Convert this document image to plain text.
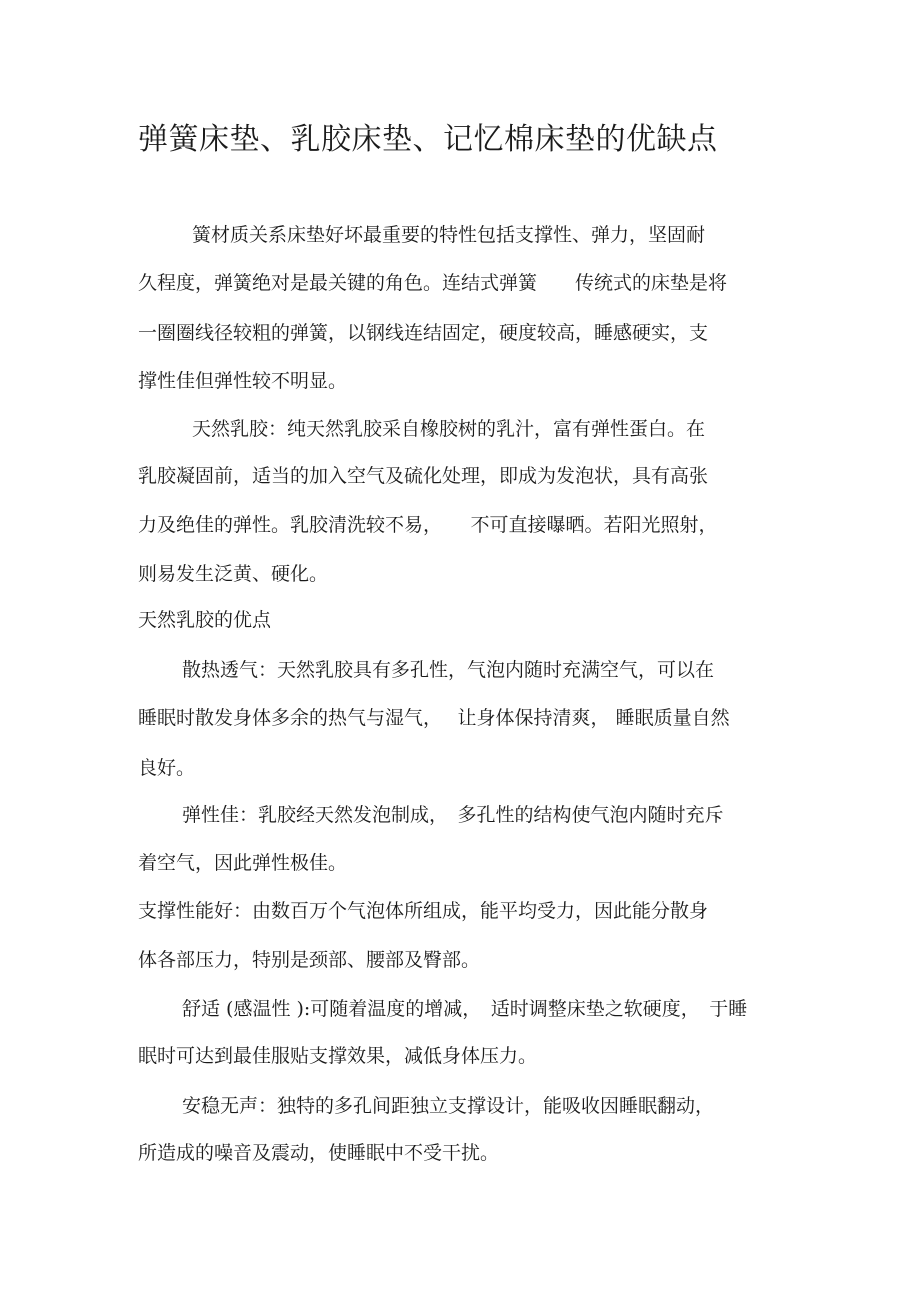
弹簧床垫、乳胶床垫、记忆棉床垫的优缺点
簧材质关系床垫好坏最重要的特性包括支撑性、弹力，坚固耐
久程度，弹簧绝对是最关键的角色。连结式弹簧　　传统式的床垫是将
一圈圈线径较粗的弹簧，以钢线连结固定，硬度较高，睡感硬实，支
撑性佳但弹性较不明显。
天然乳胶：纯天然乳胶采自橡胶树的乳汁，富有弹性蛋白。在
乳胶凝固前，适当的加入空气及硫化处理，即成为发泡状，具有高张
力及绝佳的弹性。乳胶清洗较不易，　　不可直接曝晒。若阳光照射，
则易发生泛黄、硬化。
天然乳胶的优点
散热透气：天然乳胶具有多孔性，气泡内随时充满空气，可以在
睡眠时散发身体多余的热气与湿气，　 让身体保持清爽， 睡眠质量自然
良好。
弹性佳：乳胶经天然发泡制成，　多孔性的结构使气泡内随时充斥
着空气，因此弹性极佳。
支撑性能好：由数百万个气泡体所组成，能平均受力，因此能分散身
体各部压力，特别是颈部、腰部及臀部。
舒适 (感温性 ):可随着温度的增减，　适时调整床垫之软硬度，　于睡
眠时可达到最佳服贴支撑效果，减低身体压力。
安稳无声：独特的多孔间距独立支撑设计，能吸收因睡眠翻动，
所造成的噪音及震动，使睡眠中不受干扰。
